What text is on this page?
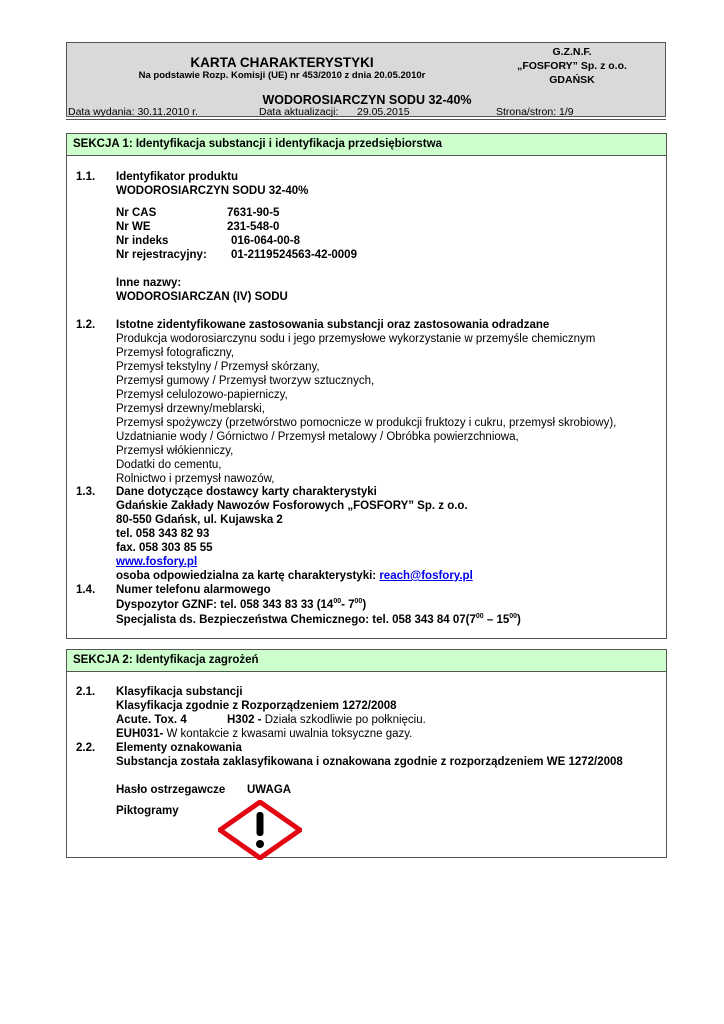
KARTA CHARAKTERYSTYKI
Na podstawie Rozp. Komisji (UE) nr 453/2010 z dnia 20.05.2010r
G.Z.N.F.
„FOSFORY” Sp. z o.o.
GDAŃSK
WODOROSIARCZYN SODU 32-40%
Data wydania: 30.11.2010 r.	Data aktualizacji: 29.05.2015	Strona/stron: 1/9
SEKCJA 1: Identyfikacja substancji i identyfikacja przedsiębiorstwa
1.1. Identyfikator produktu
WODOROSIARCZYN SODU 32-40%
Nr CAS	7631-90-5
Nr WE	231-548-0
Nr indeks	016-064-00-8
Nr rejestracyjny: 01-2119524563-42-0009
Inne nazwy:
WODOROSIARCZAN (IV) SODU
1.2. Istotne zidentyfikowane zastosowania substancji oraz zastosowania odradzane
Produkcja wodorosiarczynu sodu i jego przemysłowe wykorzystanie w przemyśle chemicznym
Przemysł fotograficzny,
Przemysł tekstylny / Przemysł skórzany,
Przemysł gumowy / Przemysł tworzyw sztucznych,
Przemysł celulozowo-papierniczy,
Przemysł drzewny/meblarski,
Przemysł spożywczy (przetwórstwo pomocnicze w produkcji fruktozy i cukru, przemysł skrobiowy),
Uzdatnianie wody / Górnictwo / Przemysł metalowy / Obróbka powierzchniowa,
Przemysł włókienniczy,
Dodatki do cementu,
Rolnictwo i przemysł nawozów,
1.3. Dane dotyczące dostawcy karty charakterystyki
Gdańskie Zakłady Nawozów Fosforowych „FOSFORY” Sp. z o.o.
80-550 Gdańsk, ul. Kujawska 2
tel. 058 343 82 93
fax. 058 303 85 55
www.fosfory.pl
osoba odpowiedzialna za kartę charakterystyki: reach@fosfory.pl
1.4. Numer telefonu alarmowego
Dyspozytor GZNF: tel. 058 343 83 33 ($14^{00}-$ $7^{00}$)
Specjalista ds. Bezpieczeństwa Chemicznego: tel. 058 343 84 $07(7^{00} - 15^{00})$
SEKCJA 2: Identyfikacja zagrożeń
2.1. Klasyfikacja substancji
Klasyfikacja zgodnie z Rozporządzeniem 1272/2008
Acute. Tox. 4	H302 - Działa szkodliwie po połknięciu.
EUH031- W kontakcie z kwasami uwalnia toksyczne gazy.
2.2. Elementy oznakowania
Substancja została zaklasyfikowana i oznakowana zgodnie z rozporządzeniem WE 1272/2008
Hasło ostrzegawcze UWAGA
Piktogramy
